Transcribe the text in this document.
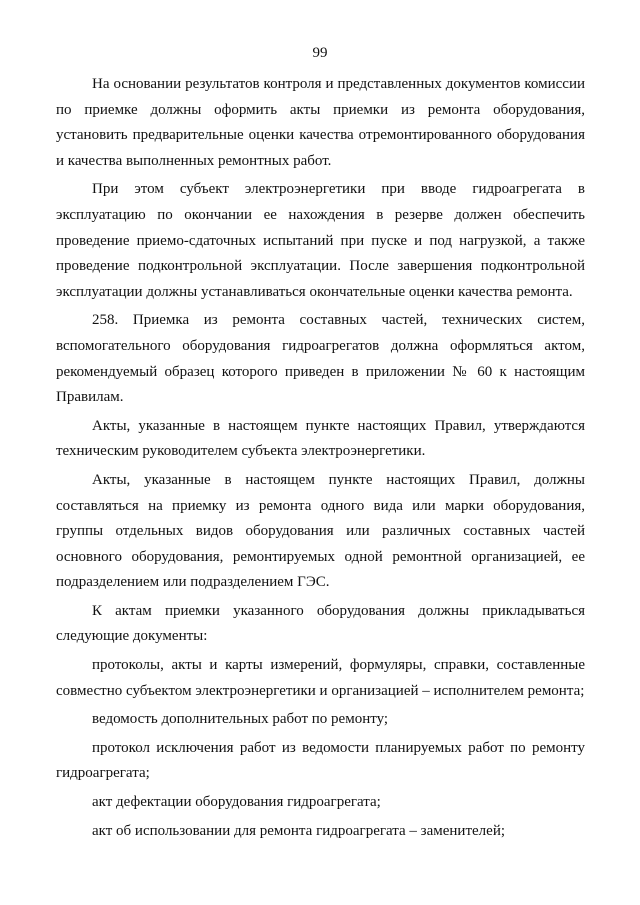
99

На основании результатов контроля и представленных документов комиссии по приемке должны оформить акты приемки из ремонта оборудования, установить предварительные оценки качества отремонтированного оборудования и качества выполненных ремонтных работ.

При этом субъект электроэнергетики при вводе гидроагрегата в эксплуатацию по окончании ее нахождения в резерве должен обеспечить проведение приемо-сдаточных испытаний при пуске и под нагрузкой, а также проведение подконтрольной эксплуатации. После завершения подконтрольной эксплуатации должны устанавливаться окончательные оценки качества ремонта.

258. Приемка из ремонта составных частей, технических систем, вспомогательного оборудования гидроагрегатов должна оформляться актом, рекомендуемый образец которого приведен в приложении № 60 к настоящим Правилам.

Акты, указанные в настоящем пункте настоящих Правил, утверждаются техническим руководителем субъекта электроэнергетики.

Акты, указанные в настоящем пункте настоящих Правил, должны составляться на приемку из ремонта одного вида или марки оборудования, группы отдельных видов оборудования или различных составных частей основного оборудования, ремонтируемых одной ремонтной организацией, ее подразделением или подразделением ГЭС.

К актам приемки указанного оборудования должны прикладываться следующие документы:

протоколы, акты и карты измерений, формуляры, справки, составленные совместно субъектом электроэнергетики и организацией – исполнителем ремонта;

ведомость дополнительных работ по ремонту;

протокол исключения работ из ведомости планируемых работ по ремонту гидроагрегата;

акт дефектации оборудования гидроагрегата;

акт об использовании для ремонта гидроагрегата – заменителей;
